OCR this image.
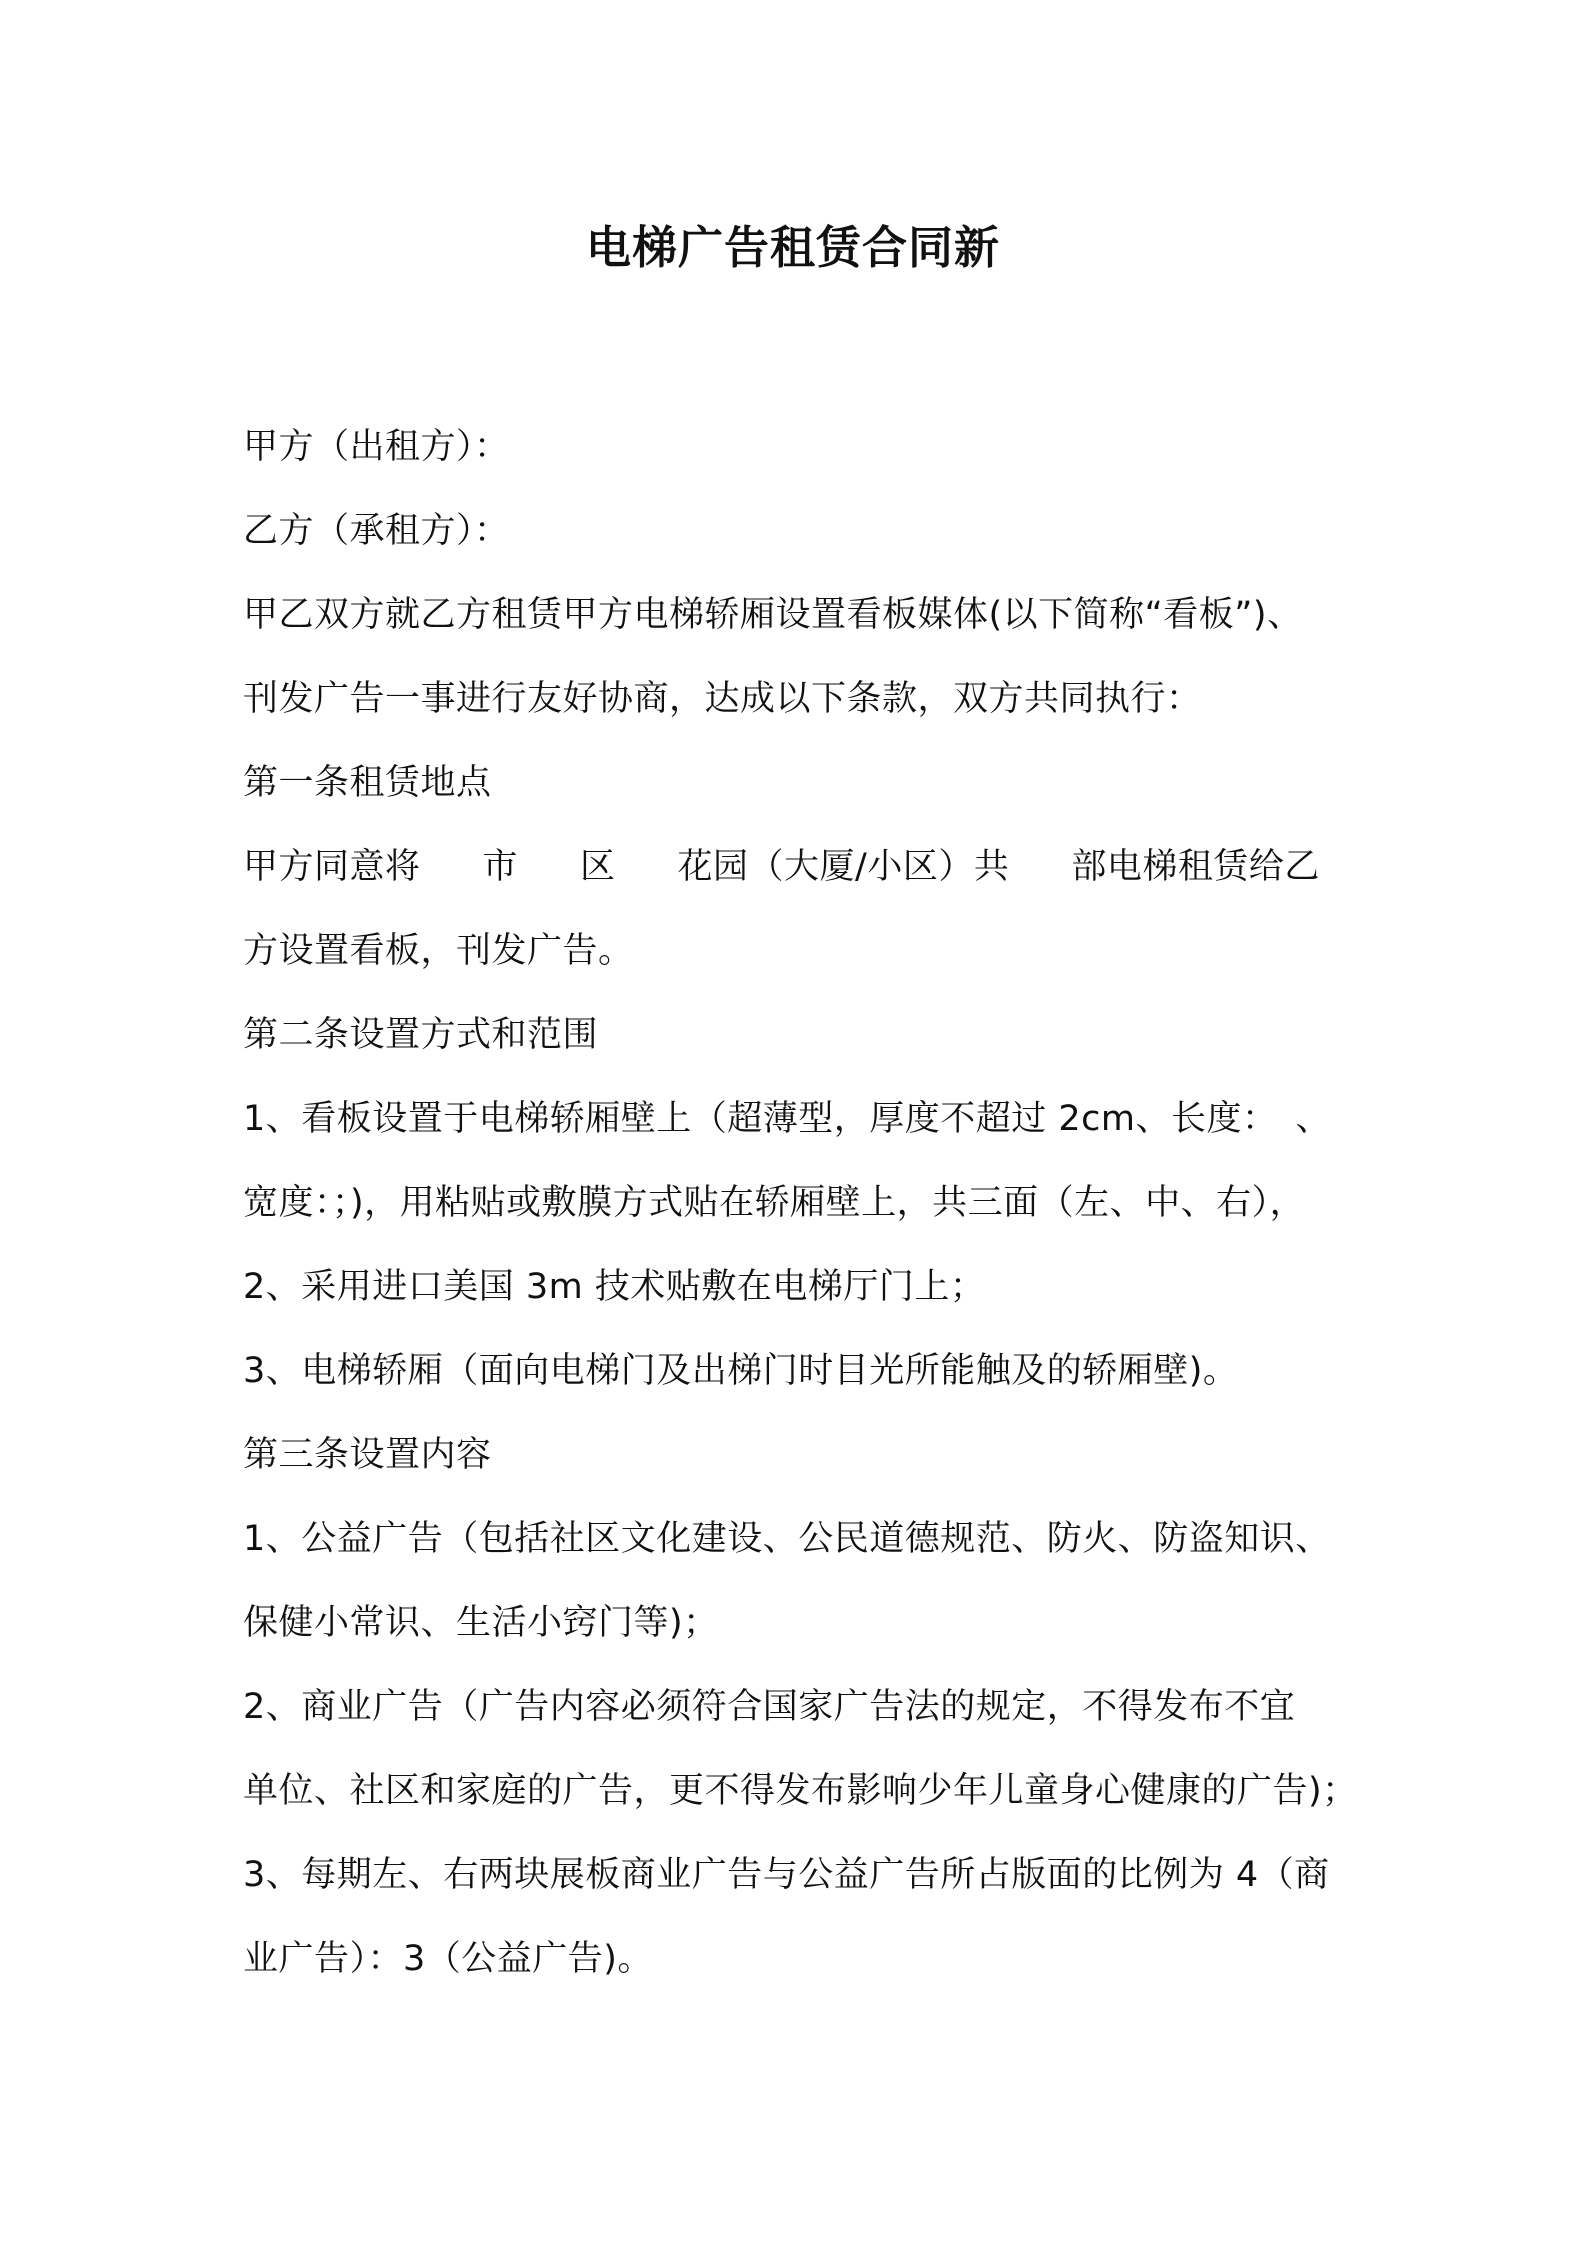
电梯广告租赁合同新
甲方（出租方）：
乙方（承租方）：
甲乙双方就乙方租赁甲方电梯轿厢设置看板媒体(以下简称“看板”)、
刊发广告一事进行友好协商，达成以下条款，双方共同执行：
第一条租赁地点
甲方同意将 市 区 花园（大厦/小区）共 部电梯租赁给乙
方设置看板，刊发广告。
第二条设置方式和范围
1、看板设置于电梯轿厢壁上（超薄型，厚度不超过 2cm、长度：　、
宽度：；)，用粘贴或敷膜方式贴在轿厢壁上，共三面（左、中、右），
2、采用进口美国 3m 技术贴敷在电梯厅门上；
3、电梯轿厢（面向电梯门及出梯门时目光所能触及的轿厢壁)。
第三条设置内容
1、公益广告（包括社区文化建设、公民道德规范、防火、防盗知识、
保健小常识、生活小窍门等)；
2、商业广告（广告内容必须符合国家广告法的规定，不得发布不宜
单位、社区和家庭的广告，更不得发布影响少年儿童身心健康的广告)；
3、每期左、右两块展板商业广告与公益广告所占版面的比例为 4（商
业广告）：3（公益广告)。
